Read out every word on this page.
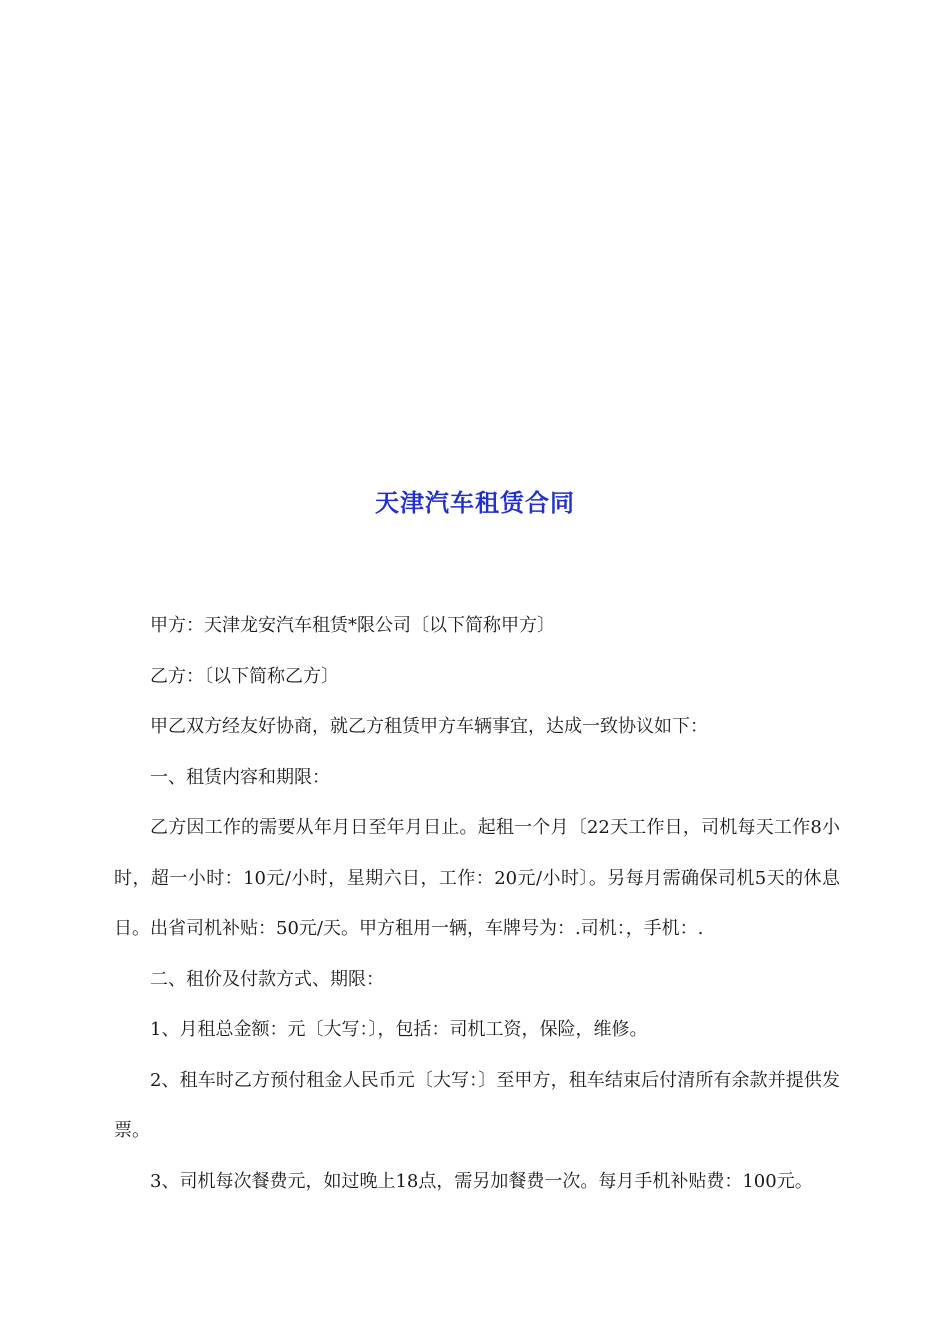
天津汽车租赁合同

甲方：天津龙安汽车租赁*限公司〔以下简称甲方〕

乙方：〔以下简称乙方〕

甲乙双方经友好协商，就乙方租赁甲方车辆事宜，达成一致协议如下：

一、租赁内容和期限：

乙方因工作的需要从年月日至年月日止。起租一个月〔22天工作日，司机每天工作8小时，超一小时：10元/小时，星期六日，工作：20元/小时〕。另每月需确保司机5天的休息日。出省司机补贴：50元/天。甲方租用一辆，车牌号为：.司机：，手机：.

二、租价及付款方式、期限：

1、月租总金额：元〔大写：〕，包括：司机工资，保险，维修。

2、租车时乙方预付租金人民币元〔大写：〕至甲方，租车结束后付清所有余款并提供发票。

3、司机每次餐费元，如过晚上18点，需另加餐费一次。每月手机补贴费：100元。
